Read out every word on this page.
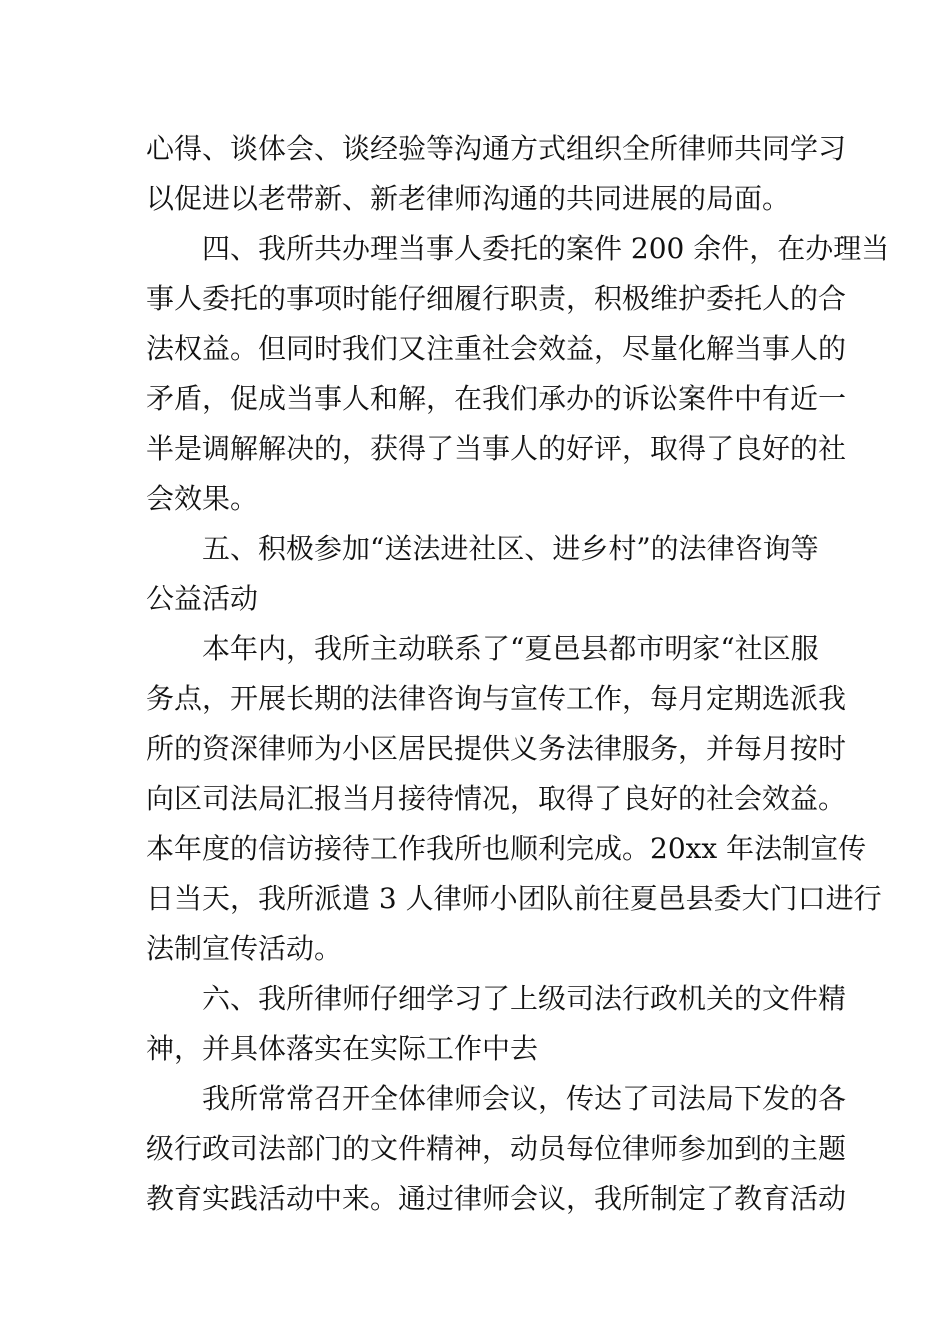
心得、谈体会、谈经验等沟通方式组织全所律师共同学习
以促进以老带新、新老律师沟通的共同进展的局面。
四、我所共办理当事人委托的案件 200 余件，在办理当
事人委托的事项时能仔细履行职责，积极维护委托人的合
法权益。但同时我们又注重社会效益，尽量化解当事人的
矛盾，促成当事人和解，在我们承办的诉讼案件中有近一
半是调解解决的，获得了当事人的好评，取得了良好的社
会效果。
五、积极参加“送法进社区、进乡村”的法律咨询等
公益活动
本年内，我所主动联系了“夏邑县都市明家“社区服
务点，开展长期的法律咨询与宣传工作，每月定期选派我
所的资深律师为小区居民提供义务法律服务，并每月按时
向区司法局汇报当月接待情况，取得了良好的社会效益。
本年度的信访接待工作我所也顺利完成。20xx 年法制宣传
日当天，我所派遣 3 人律师小团队前往夏邑县委大门口进行
法制宣传活动。
六、我所律师仔细学习了上级司法行政机关的文件精
神，并具体落实在实际工作中去
我所常常召开全体律师会议，传达了司法局下发的各
级行政司法部门的文件精神，动员每位律师参加到的主题
教育实践活动中来。通过律师会议，我所制定了教育活动
